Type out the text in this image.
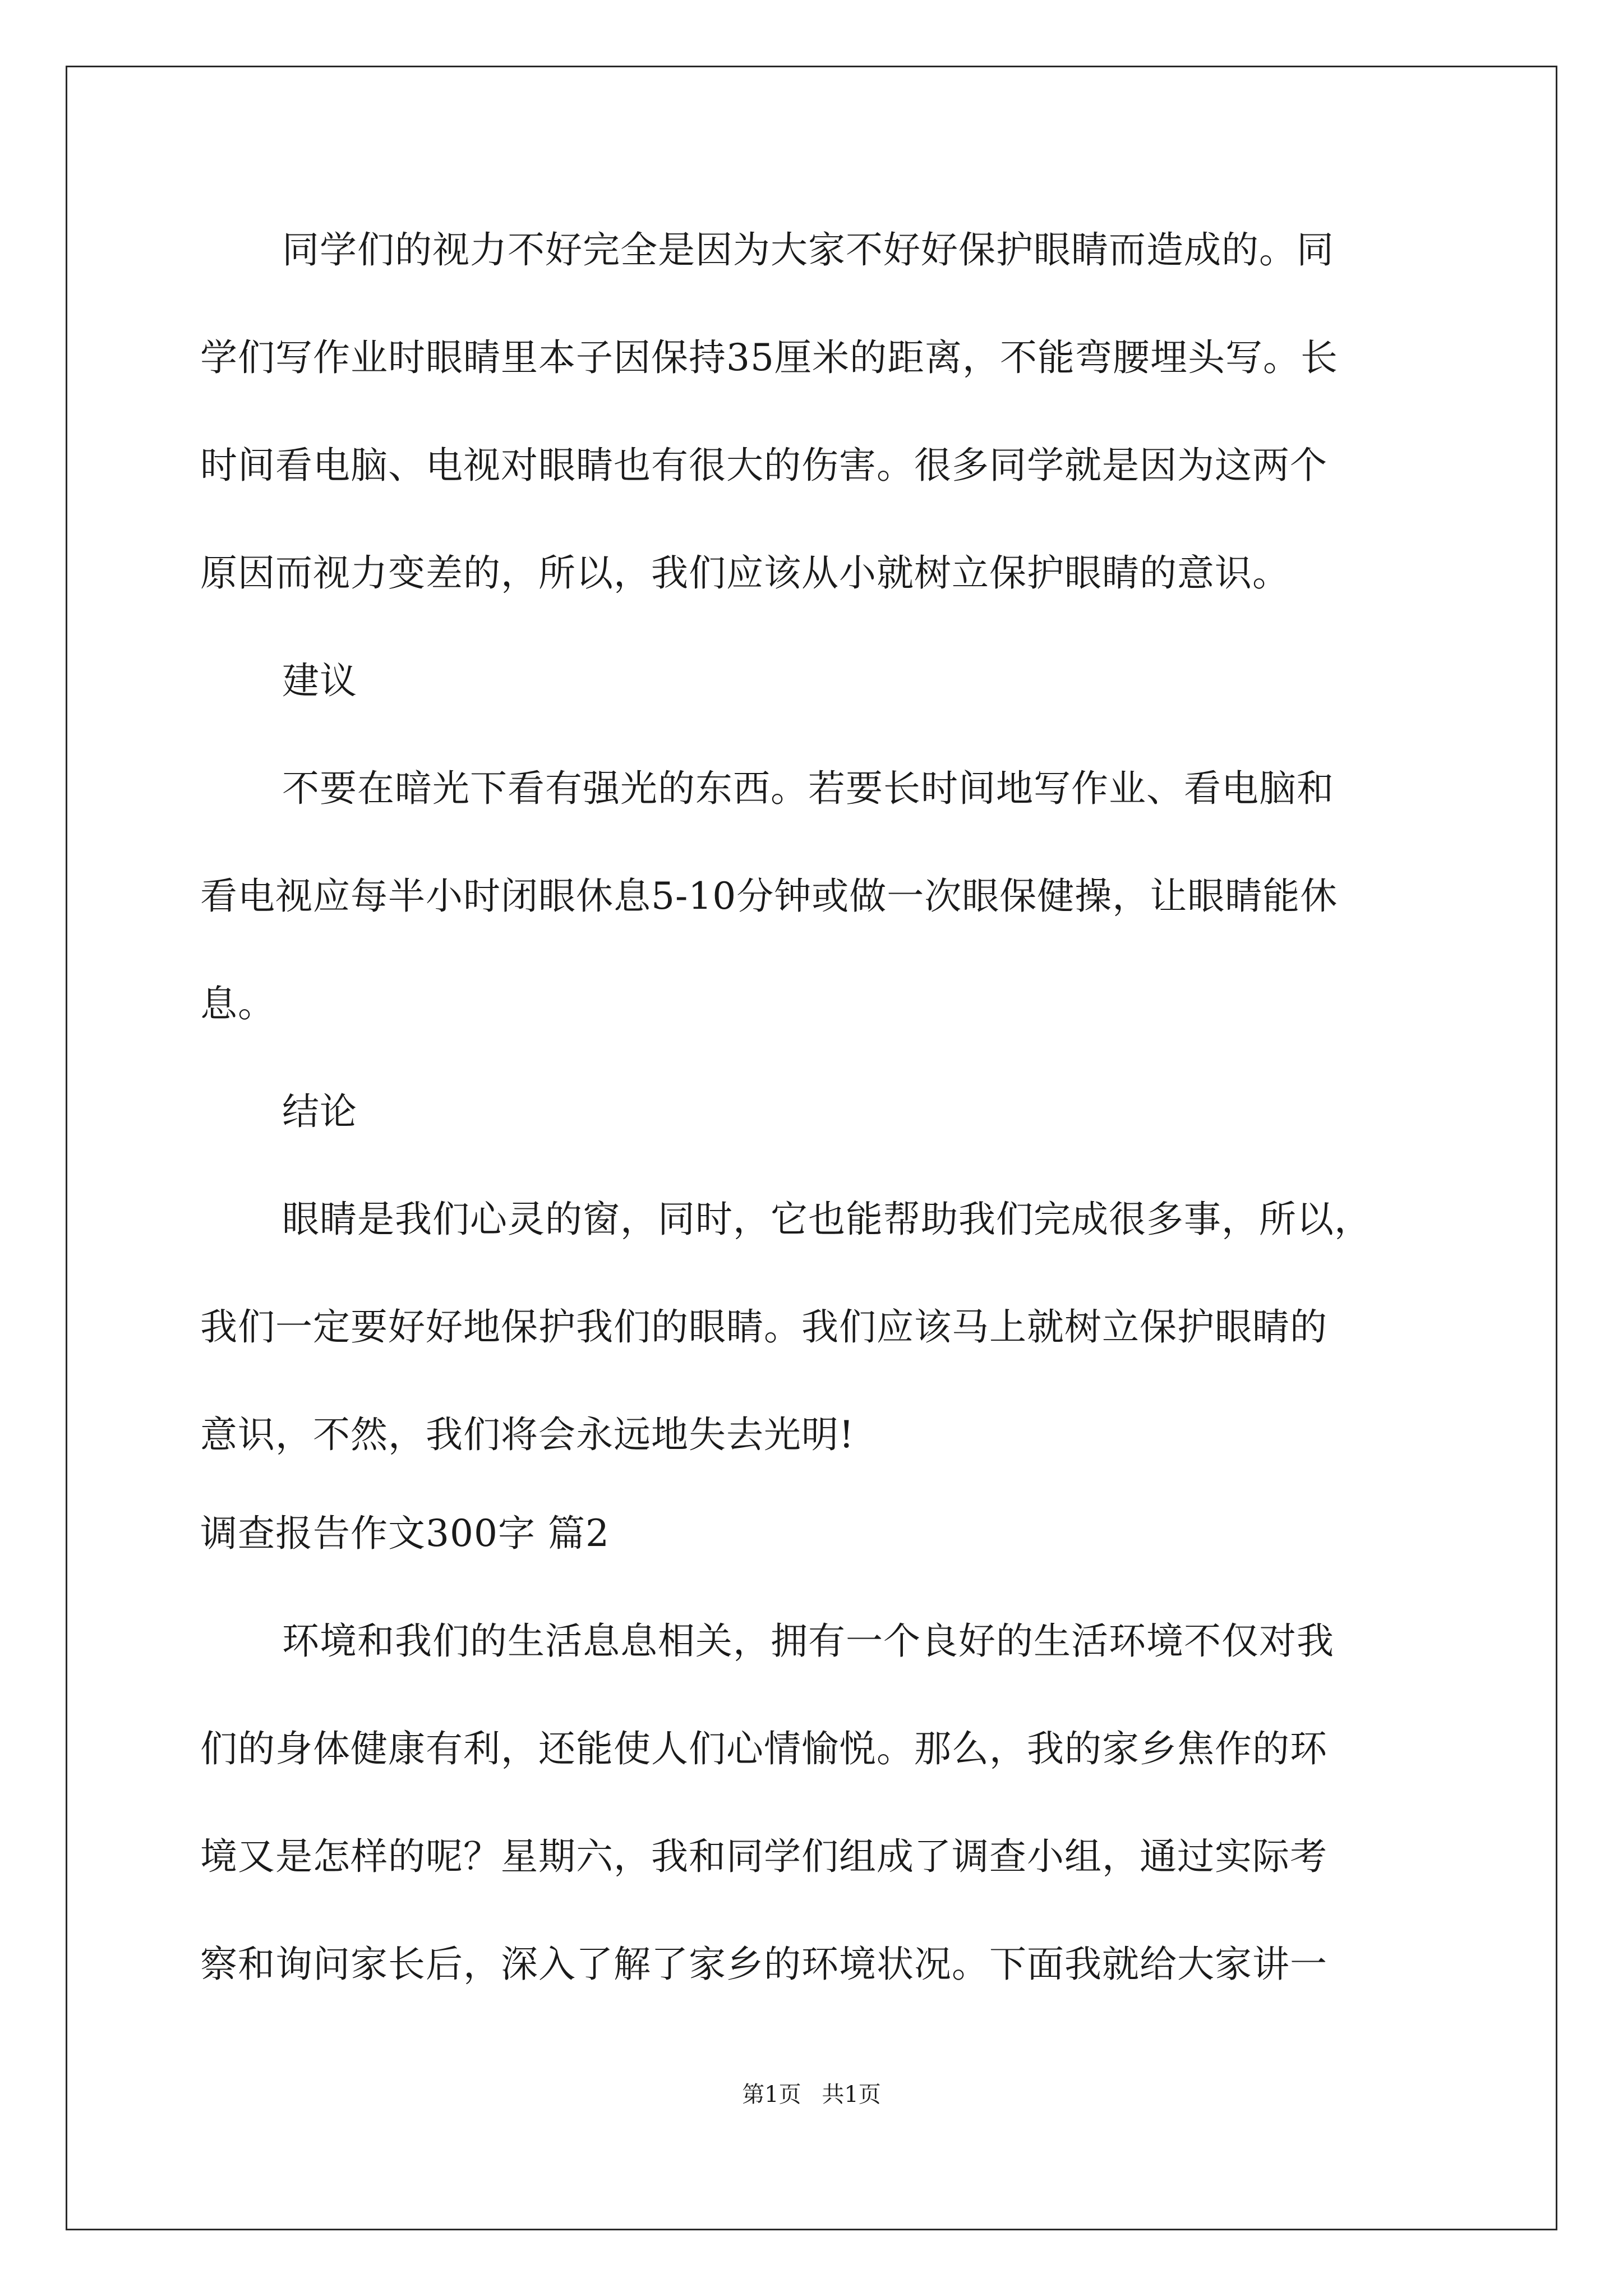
同学们的视力不好完全是因为大家不好好保护眼睛而造成的。同
学们写作业时眼睛里本子因保持35厘米的距离，不能弯腰埋头写。长
时间看电脑、电视对眼睛也有很大的伤害。很多同学就是因为这两个
原因而视力变差的，所以，我们应该从小就树立保护眼睛的意识。
建议
不要在暗光下看有强光的东西。若要长时间地写作业、看电脑和
看电视应每半小时闭眼休息5-10分钟或做一次眼保健操，让眼睛能休
息。
结论
眼睛是我们心灵的窗，同时，它也能帮助我们完成很多事，所以，
我们一定要好好地保护我们的眼睛。我们应该马上就树立保护眼睛的
意识，不然，我们将会永远地失去光明!
调查报告作文300字 篇2
环境和我们的生活息息相关，拥有一个良好的生活环境不仅对我
们的身体健康有利，还能使人们心情愉悦。那么，我的家乡焦作的环
境又是怎样的呢？星期六，我和同学们组成了调查小组，通过实际考
察和询问家长后，深入了解了家乡的环境状况。下面我就给大家讲一
第1页 共1页
